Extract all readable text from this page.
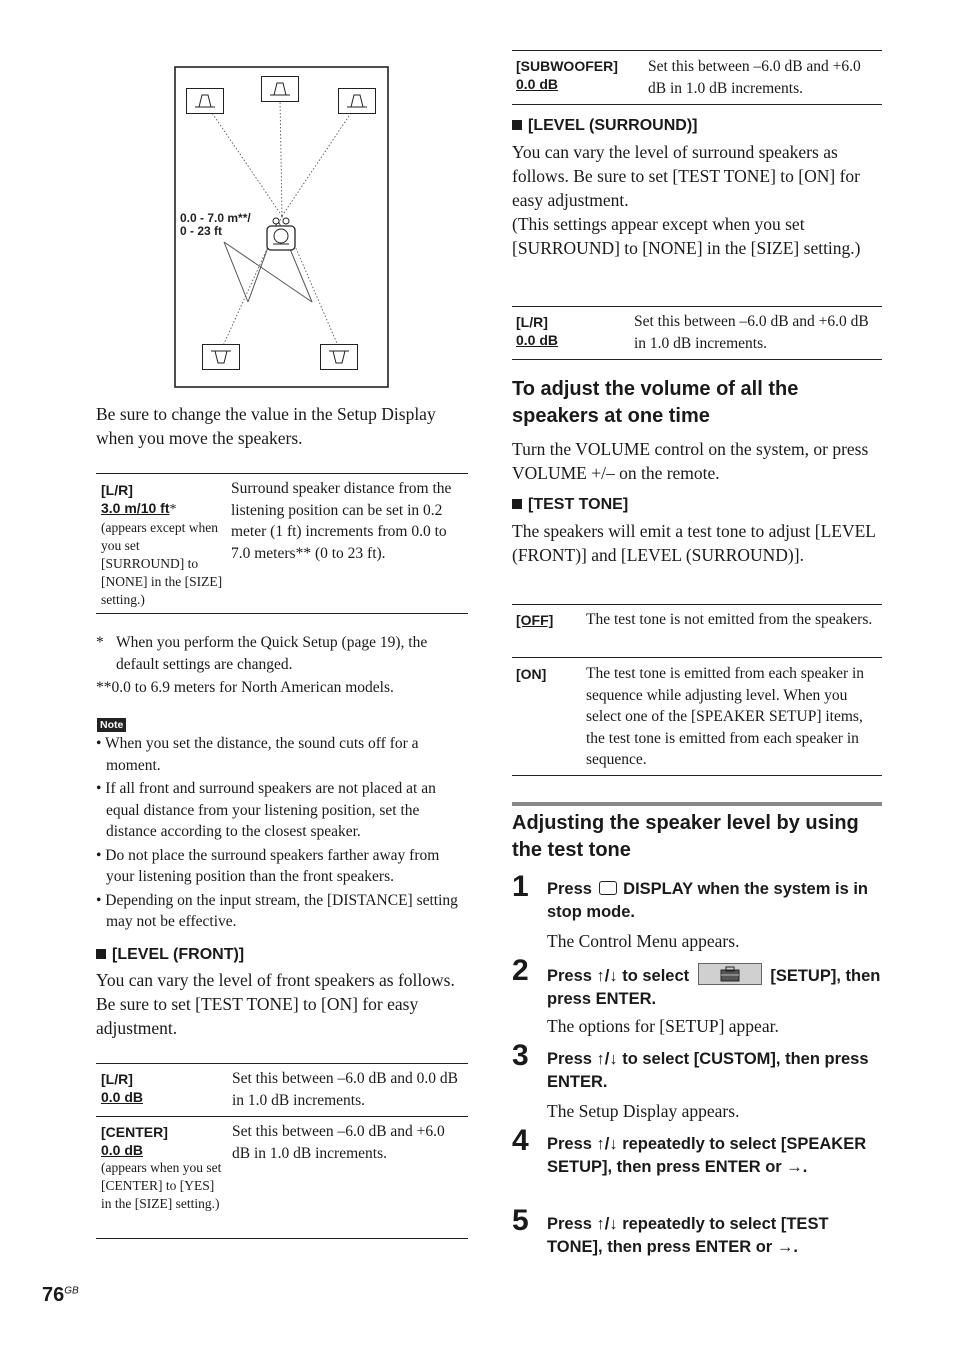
0.0 - 7.0 m**/
0 - 23 ft
Be sure to change the value in the Setup Display when you move the speakers.
[L/R]
3.0 m/10 ft*
(appears except when you set [SURROUND] to [NONE] in the [SIZE] setting.)
Surround speaker distance from the listening position can be set in 0.2 meter (1 ft) increments from 0.0 to 7.0 meters** (0 to 23 ft).
* When you perform the Quick Setup (page 19), the default settings are changed.
**0.0 to 6.9 meters for North American models.
Note
• When you set the distance, the sound cuts off for a moment.
• If all front and surround speakers are not placed at an equal distance from your listening position, set the distance according to the closest speaker.
• Do not place the surround speakers farther away from your listening position than the front speakers.
• Depending on the input stream, the [DISTANCE] setting may not be effective.
[LEVEL (FRONT)]
You can vary the level of front speakers as follows. Be sure to set [TEST TONE] to [ON] for easy adjustment.
[L/R]
0.0 dB
Set this between –6.0 dB and 0.0 dB in 1.0 dB increments.
[CENTER]
0.0 dB
(appears when you set [CENTER] to [YES] in the [SIZE] setting.)
Set this between –6.0 dB and +6.0 dB in 1.0 dB increments.
$76^{GB}$
[SUBWOOFER]
0.0 dB
Set this between –6.0 dB and +6.0 dB in 1.0 dB increments.
[LEVEL (SURROUND)]
You can vary the level of surround speakers as follows. Be sure to set [TEST TONE] to [ON] for easy adjustment.
(This settings appear except when you set [SURROUND] to [NONE] in the [SIZE] setting.)
[L/R]
0.0 dB
Set this between –6.0 dB and +6.0 dB in 1.0 dB increments.
To adjust the volume of all the speakers at one time
Turn the VOLUME control on the system, or press VOLUME +/– on the remote.
[TEST TONE]
The speakers will emit a test tone to adjust [LEVEL (FRONT)] and [LEVEL (SURROUND)].
[OFF] The test tone is not emitted from the speakers.
[ON]	The test tone is emitted from each speaker in sequence while adjusting level. When you select one of the [SPEAKER SETUP] items, the test tone is emitted from each speaker in sequence.
Adjusting the speaker level by using the test tone
1 Press DISPLAY when the system is in stop mode.
The Control Menu appears.
2 Press ↑/↓ to select	[SETUP], then press ENTER.
The options for [SETUP] appear.
3 Press ↑/↓ to select [CUSTOM], then press ENTER.
The Setup Display appears.
4 Press ↑/↓ repeatedly to select [SPEAKER SETUP], then press ENTER or →.
5 Press ↑/↓ repeatedly to select [TEST TONE], then press ENTER or →.
